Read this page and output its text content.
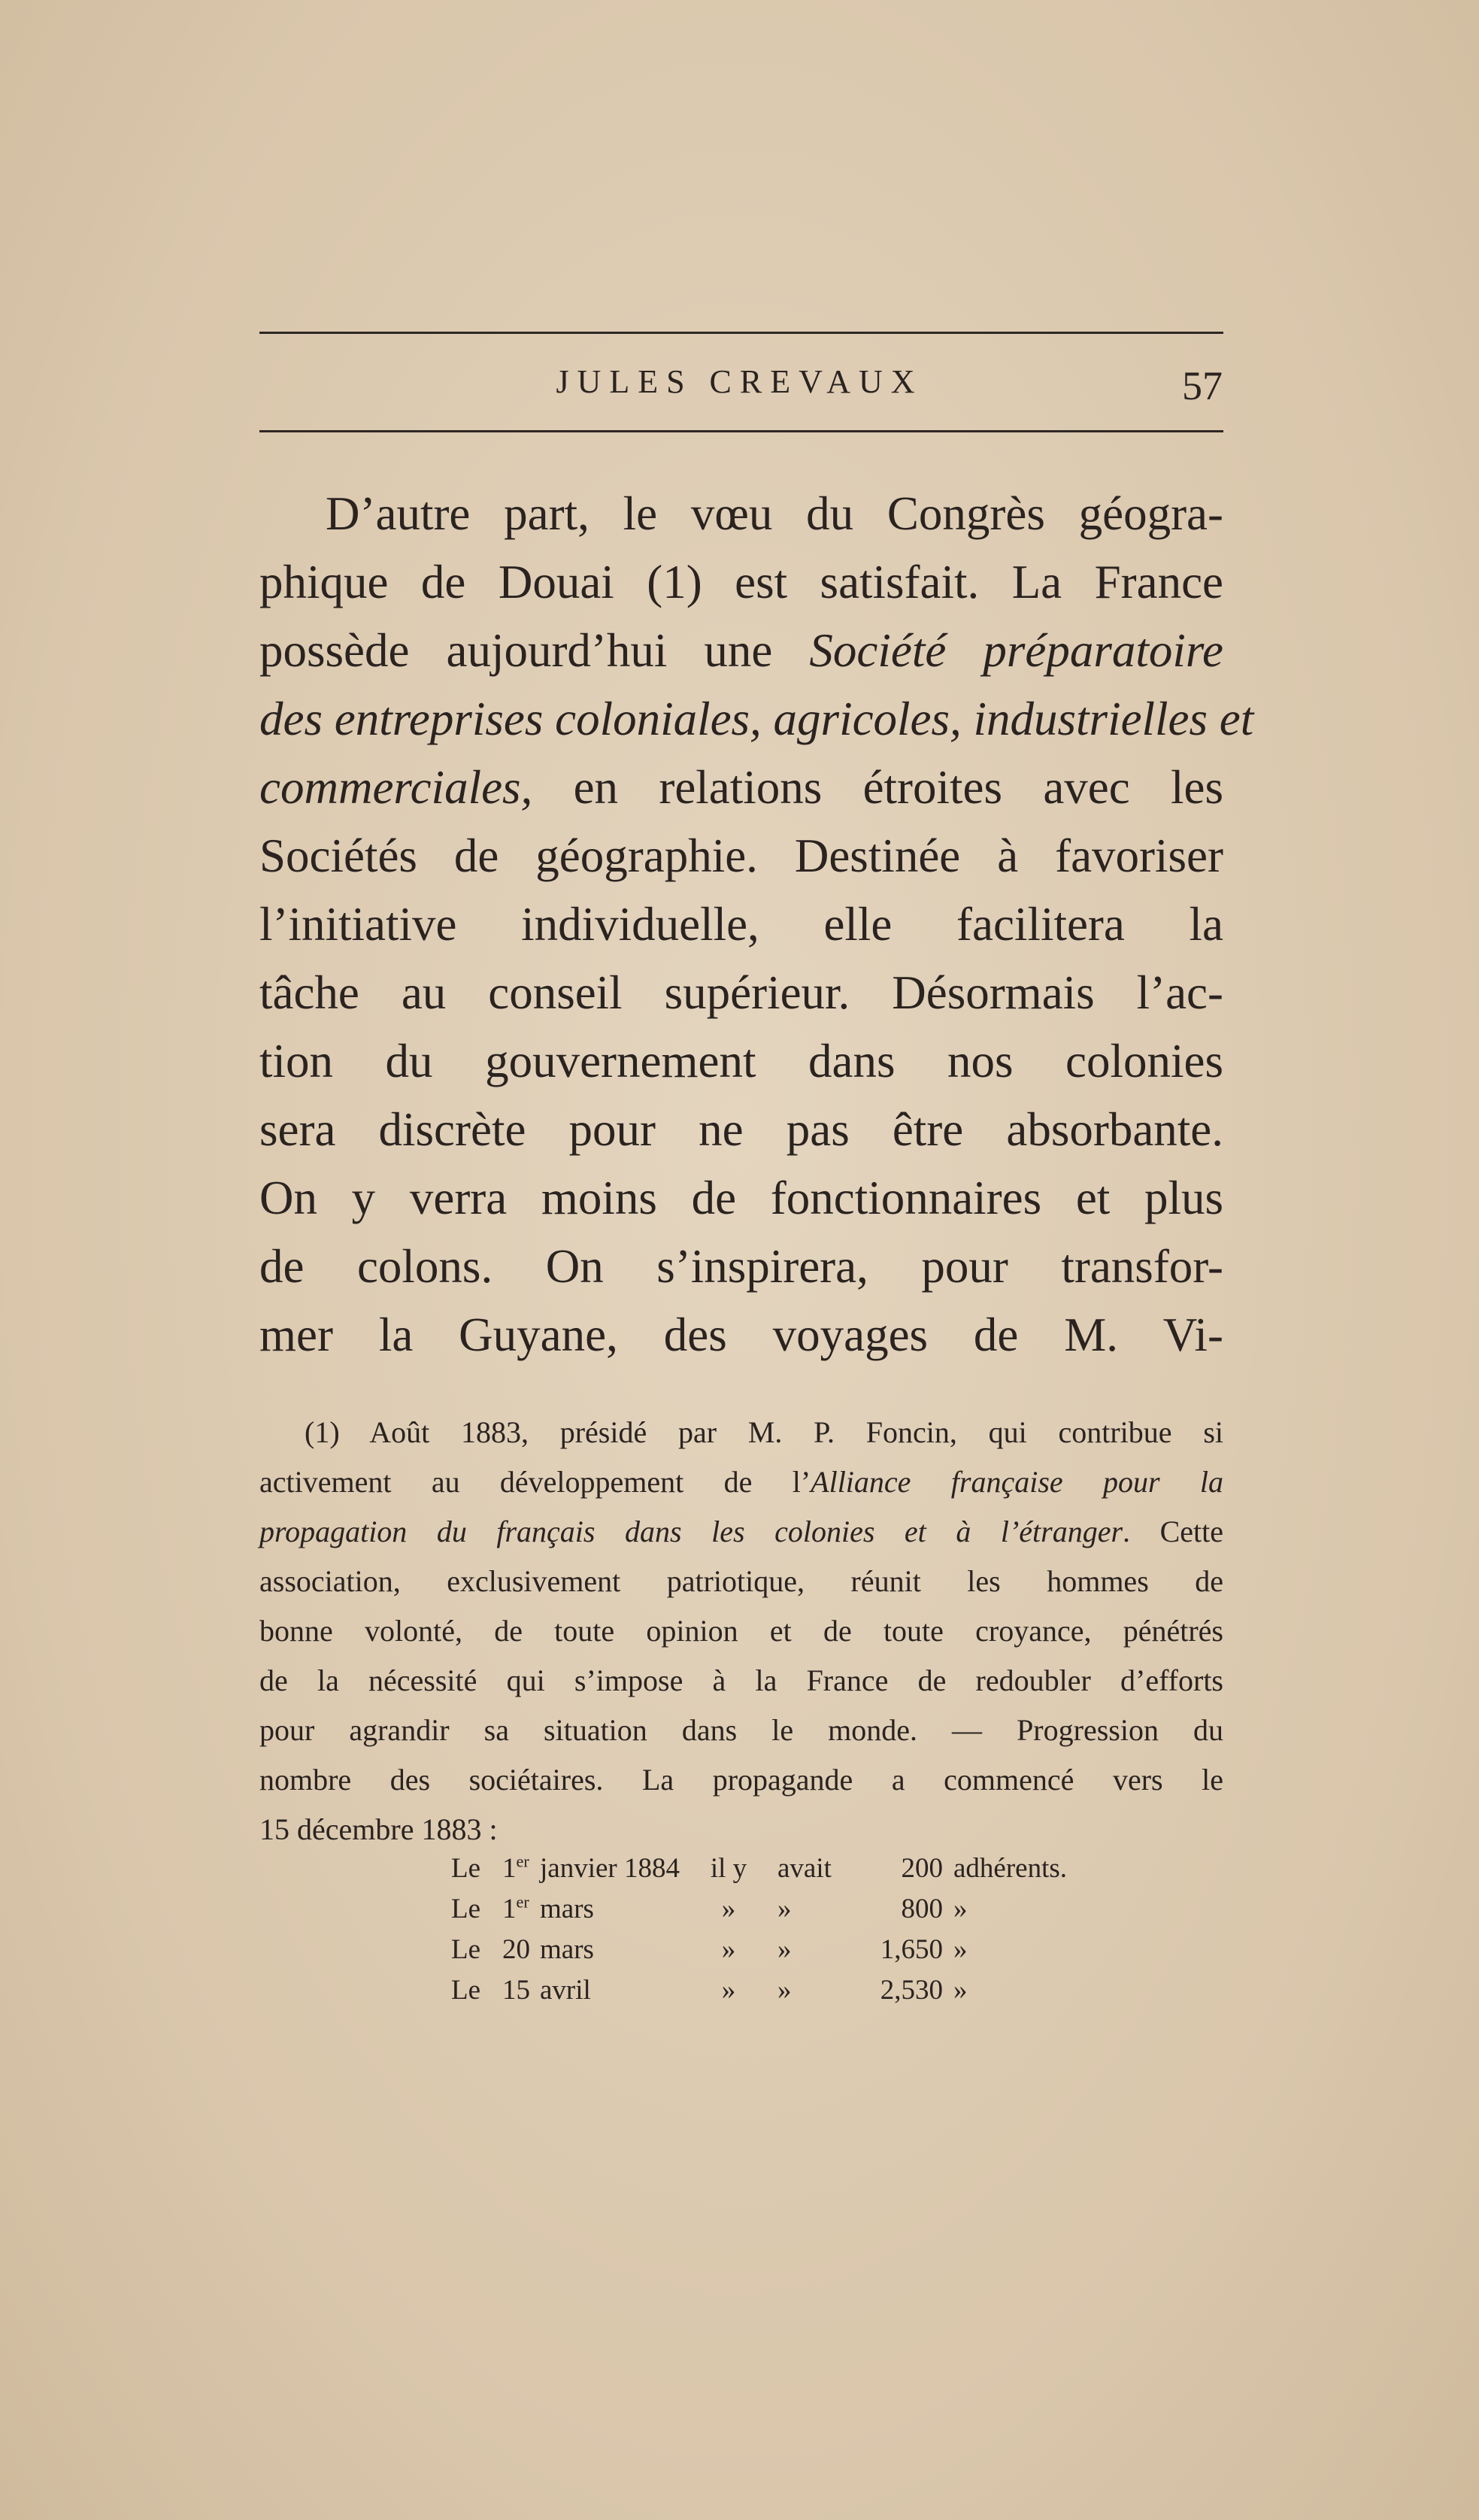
JULES CREVAUX	57
D’autre part, le vœu du Congrès géogra-
phique de Douai (1) est satisfait. La France
possède aujourd’hui une Société préparatoire
des entreprises coloniales, agricoles, industrielles et
commerciales, en relations étroites avec les
Sociétés de géographie. Destinée à favoriser
l’initiative individuelle, elle facilitera la
tâche au conseil supérieur. Désormais l’ac-
tion du gouvernement dans nos colonies
sera discrète pour ne pas être absorbante.
On y verra moins de fonctionnaires et plus
de colons. On s’inspirera, pour transfor-
mer la Guyane, des voyages de M. Vi-
(1) Août 1883, présidé par M. P. Foncin, qui contribue si
activement au développement de l’Alliance française pour la
propagation du français dans les colonies et à l’étranger. Cette
association, exclusivement patriotique, réunit les hommes de
bonne volonté, de toute opinion et de toute croyance, pénétrés
de la nécessité qui s’impose à la France de redoubler d’efforts
pour agrandir sa situation dans le monde. — Progression du
nombre des sociétaires. La propagande a commencé vers le
15 décembre 1883 :
Le	1er	janvier 1884	il y	avait	200	adhérents.
Le	1er	mars	»	»	800	»
Le	20	mars	»	»	1,650	»
Le	15	avril	»	»	2,530	»
